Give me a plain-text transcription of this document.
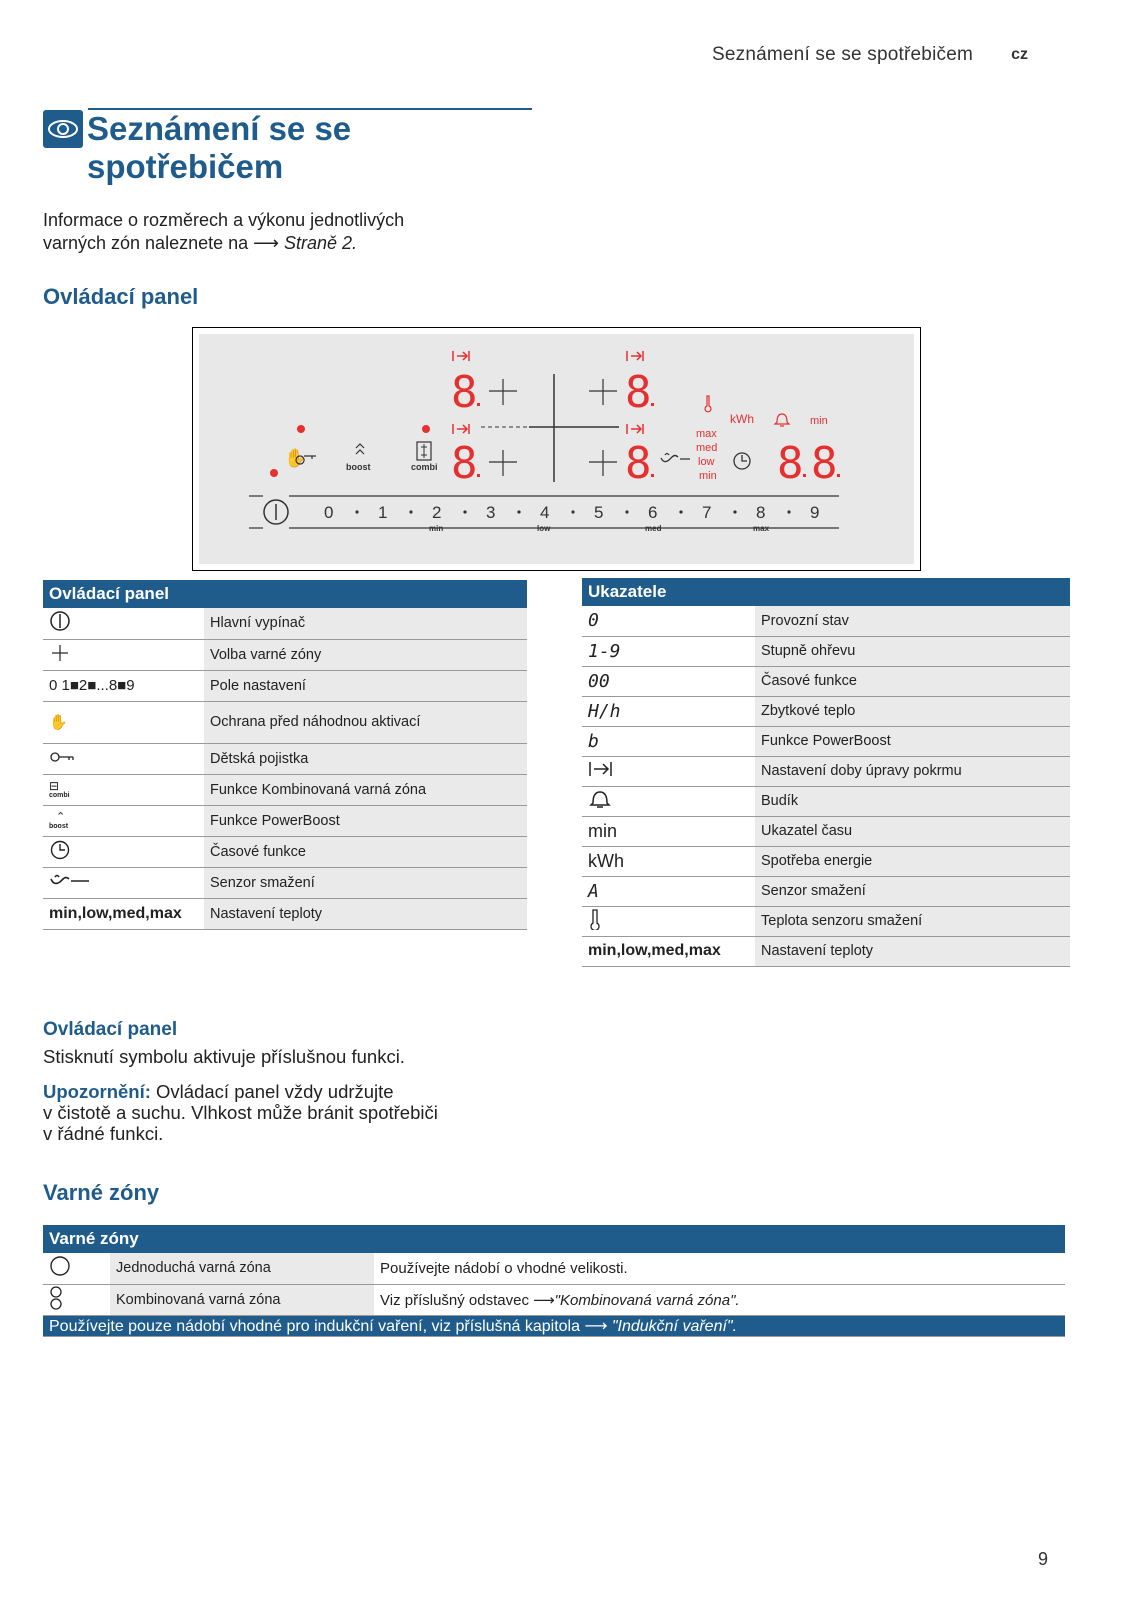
Seznámení se se spotřebičem cz
Seznámení se se
spotřebičem
Informace o rozměrech a výkonu jednotlivých
varných zón naleznete na ⟶ Straně 2.
Ovládací panel
8	8
8	8	8 8
✋	boost	combi
max
med
low
min
kWh	min
0	1	2	3	4	5	6	7	8	9
min	low	med	max
Ovládací panel	
	Hlavní vypínač
	Volba varné zóny
0 1■2■...8■9	Pole nastavení
✋	Ochrana před náhodnou aktivací
	Dětská pojistka

⊟
combi	Funkce Kombinovaná varná zóna

⌃
boost	Funkce PowerBoost
	Časové funkce
	Senzor smažení
min,low,med,max	Nastavení teploty
Ukazatele	
0	Provozní stav
1-9	Stupně ohřevu
00	Časové funkce
H/h	Zbytkové teplo
b	Funkce PowerBoost
	Nastavení doby úpravy pokrmu
	Budík
min	Ukazatel času
kWh	Spotřeba energie
A	Senzor smažení
	Teplota senzoru smažení
min,low,med,max	Nastavení teploty
Ovládací panel
Stisknutí symbolu aktivuje příslušnou funkci.
Upozornění: Ovládací panel vždy udržujte
v čistotě a suchu. Vlhkost může bránit spotřebiči
v řádné funkci.
Varné zóny
Varné zóny		
	Jednoduchá varná zóna	Používejte nádobí o vhodné velikosti.
	Kombinovaná varná zóna	Viz příslušný odstavec ⟶"Kombinovaná varná zóna".
Používejte pouze nádobí vhodné pro indukční vaření, viz příslušná kapitola ⟶ "Indukční vaření".		
9
